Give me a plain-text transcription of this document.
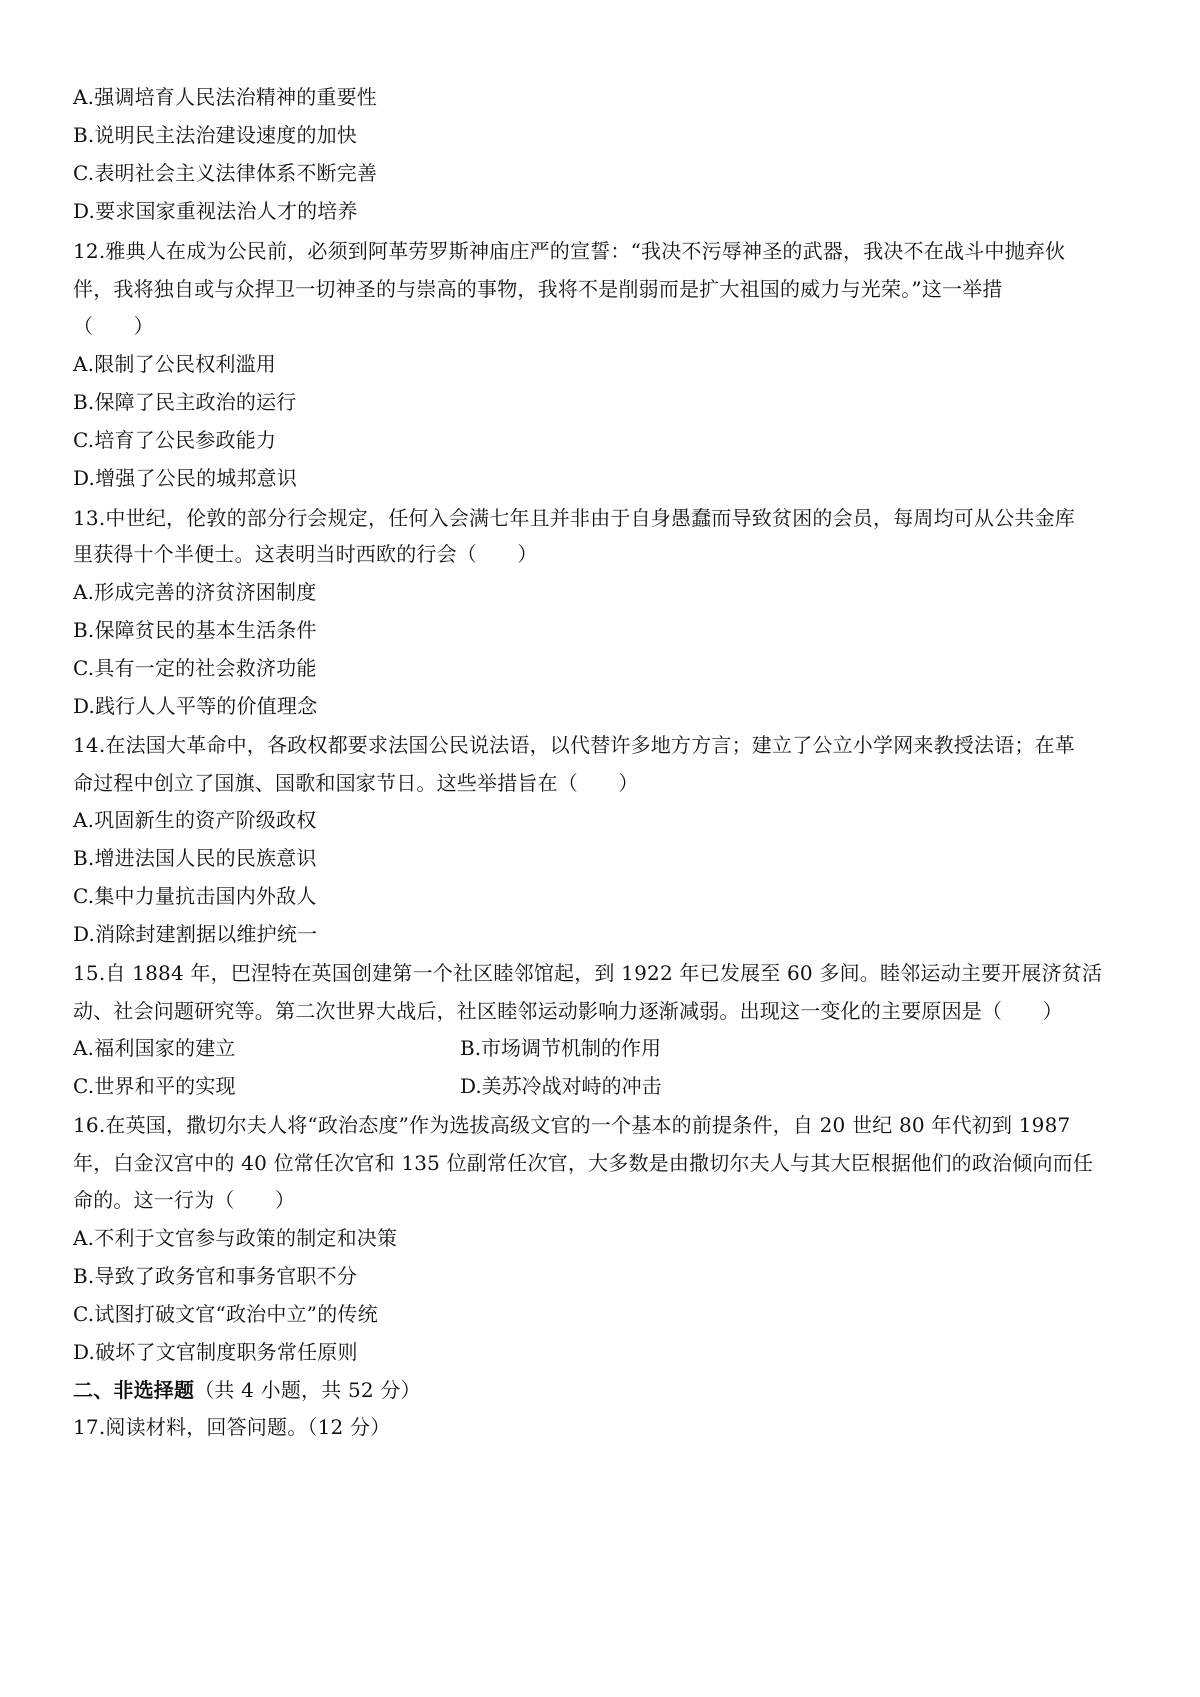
A.强调培育人民法治精神的重要性
B.说明民主法治建设速度的加快
C.表明社会主义法律体系不断完善
D.要求国家重视法治人才的培养
12.雅典人在成为公民前，必须到阿革劳罗斯神庙庄严的宣誓：“我决不污辱神圣的武器，我决不在战斗中抛弃伙
伴，我将独自或与众捍卫一切神圣的与崇高的事物，我将不是削弱而是扩大祖国的威力与光荣。”这一举措
（　　）
A.限制了公民权利滥用
B.保障了民主政治的运行
C.培育了公民参政能力
D.增强了公民的城邦意识
13.中世纪，伦敦的部分行会规定，任何入会满七年且并非由于自身愚蠢而导致贫困的会员，每周均可从公共金库
里获得十个半便士。这表明当时西欧的行会（　　）
A.形成完善的济贫济困制度
B.保障贫民的基本生活条件
C.具有一定的社会救济功能
D.践行人人平等的价值理念
14.在法国大革命中，各政权都要求法国公民说法语，以代替许多地方方言；建立了公立小学网来教授法语；在革
命过程中创立了国旗、国歌和国家节日。这些举措旨在（　　）
A.巩固新生的资产阶级政权
B.增进法国人民的民族意识
C.集中力量抗击国内外敌人
D.消除封建割据以维护统一
15.自 1884 年，巴涅特在英国创建第一个社区睦邻馆起，到 1922 年已发展至 60 多间。睦邻运动主要开展济贫活
动、社会问题研究等。第二次世界大战后，社区睦邻运动影响力逐渐减弱。出现这一变化的主要原因是（　　）
A.福利国家的建立	B.市场调节机制的作用
C.世界和平的实现	D.美苏冷战对峙的冲击
16.在英国，撒切尔夫人将“政治态度”作为选拔高级文官的一个基本的前提条件，自 20 世纪 80 年代初到 1987
年，白金汉宫中的 40 位常任次官和 135 位副常任次官，大多数是由撒切尔夫人与其大臣根据他们的政治倾向而任
命的。这一行为（　　）
A.不利于文官参与政策的制定和决策
B.导致了政务官和事务官职不分
C.试图打破文官“政治中立”的传统
D.破坏了文官制度职务常任原则
二、非选择题（共 4 小题，共 52 分）
17.阅读材料，回答问题。（12 分）
